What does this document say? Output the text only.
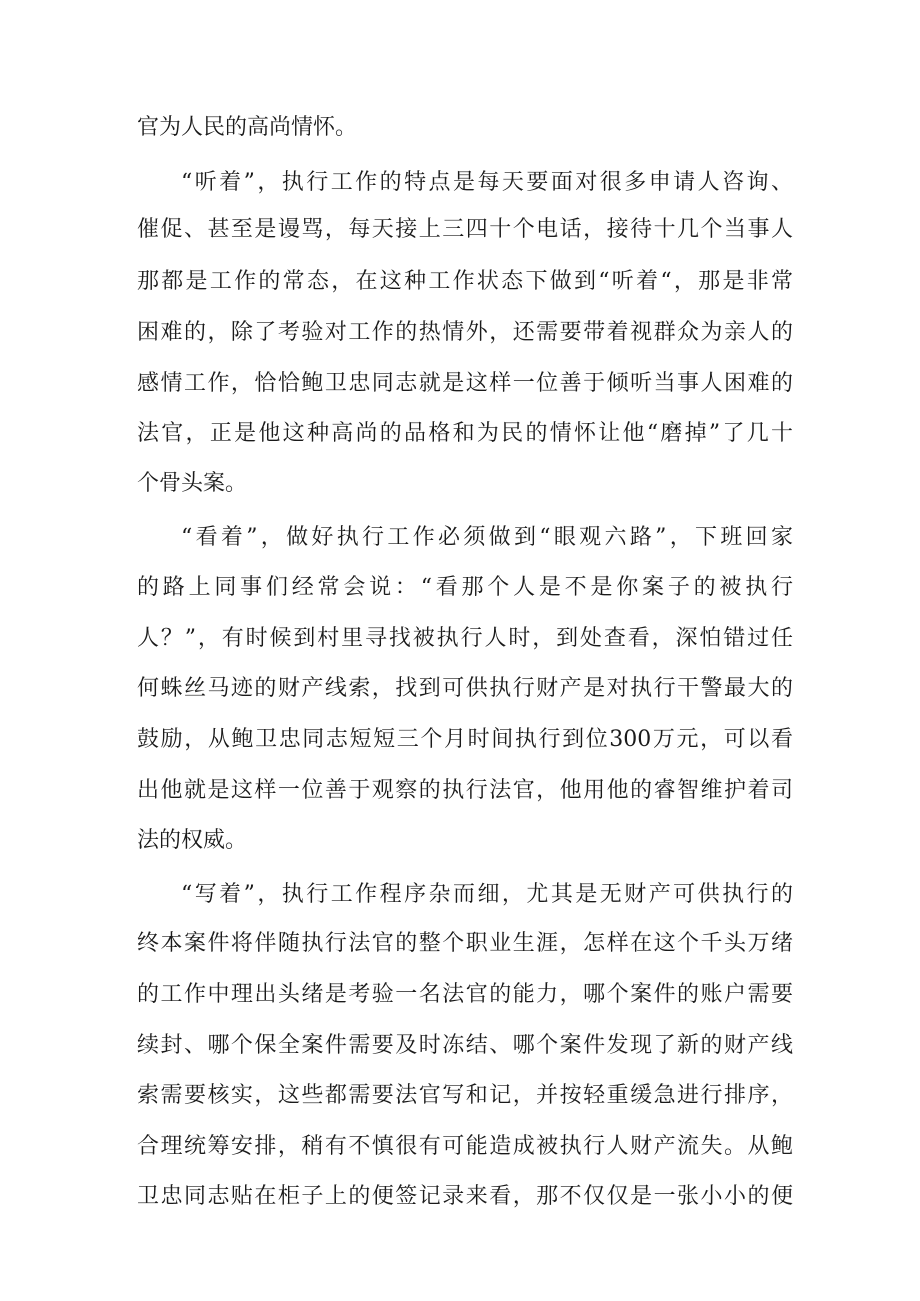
官为人民的高尚情怀。
“听着”，执行工作的特点是每天要面对很多申请人咨询、
催促、甚至是谩骂，每天接上三四十个电话，接待十几个当事人
那都是工作的常态，在这种工作状态下做到“听着“，那是非常
困难的，除了考验对工作的热情外，还需要带着视群众为亲人的
感情工作，恰恰鲍卫忠同志就是这样一位善于倾听当事人困难的
法官，正是他这种高尚的品格和为民的情怀让他“磨掉”了几十
个骨头案。
“看着”，做好执行工作必须做到“眼观六路”，下班回家
的路上同事们经常会说：“看那个人是不是你案子的被执行
人？”，有时候到村里寻找被执行人时，到处查看，深怕错过任
何蛛丝马迹的财产线索，找到可供执行财产是对执行干警最大的
鼓励，从鲍卫忠同志短短三个月时间执行到位300万元，可以看
出他就是这样一位善于观察的执行法官，他用他的睿智维护着司
法的权威。
“写着”，执行工作程序杂而细，尤其是无财产可供执行的
终本案件将伴随执行法官的整个职业生涯，怎样在这个千头万绪
的工作中理出头绪是考验一名法官的能力，哪个案件的账户需要
续封、哪个保全案件需要及时冻结、哪个案件发现了新的财产线
索需要核实，这些都需要法官写和记，并按轻重缓急进行排序，
合理统筹安排，稍有不慎很有可能造成被执行人财产流失。从鲍
卫忠同志贴在柜子上的便签记录来看，那不仅仅是一张小小的便
